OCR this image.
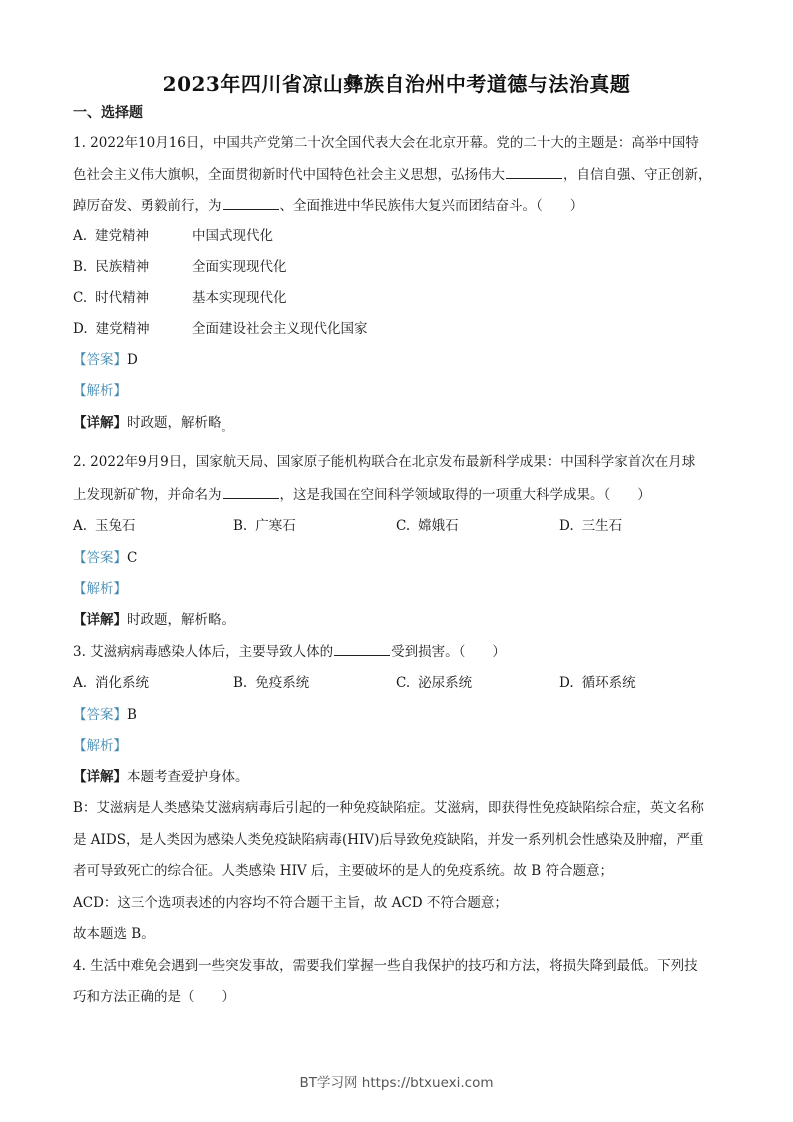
2023年四川省凉山彝族自治州中考道德与法治真题
一、选择题
1. 2022年10月16日，中国共产党第二十次全国代表大会在北京开幕。党的二十大的主题是：高举中国特
色社会主义伟大旗帜，全面贯彻新时代中国特色社会主义思想，弘扬伟大	，自信自强、守正创新，
踔厉奋发、勇毅前行，为	、全面推进中华民族伟大复兴而团结奋斗。（　　）
A. 建党精神	中国式现代化
B. 民族精神	全面实现现代化
C. 时代精神	基本实现现代化
D. 建党精神	全面建设社会主义现代化国家
【答案】D
【解析】
【详解】时政题，解析略$_。$
2. 2022年9月9日，国家航天局、国家原子能机构联合在北京发布最新科学成果：中国科学家首次在月球
上发现新矿物，并命名为	，这是我国在空间科学领域取得的一项重大科学成果。（　　）
A. 玉兔石	B. 广寒石	C. 嫦娥石	D. 三生石
【答案】C
【解析】
【详解】时政题，解析略。
3. 艾滋病病毒感染人体后，主要导致人体的	受到损害。（　　）
A. 消化系统	B. 免疫系统	C. 泌尿系统	D. 循环系统
【答案】B
【解析】
【详解】本题考查爱护身体。
B：艾滋病是人类感染艾滋病病毒后引起的一种免疫缺陷症。艾滋病，即获得性免疫缺陷综合症，英文名称
是 AIDS，是人类因为感染人类免疫缺陷病毒(HIV)后导致免疫缺陷，并发一系列机会性感染及肿瘤，严重
者可导致死亡的综合征。人类感染 HIV 后，主要破坏的是人的免疫系统。故 B 符合题意；
ACD：这三个选项表述的内容均不符合题干主旨，故 ACD 不符合题意；
故本题选 B。
4. 生活中难免会遇到一些突发事故，需要我们掌握一些自我保护的技巧和方法，将损失降到最低。下列技
巧和方法正确的是（　　）
BT学习网 https://btxuexi.com
